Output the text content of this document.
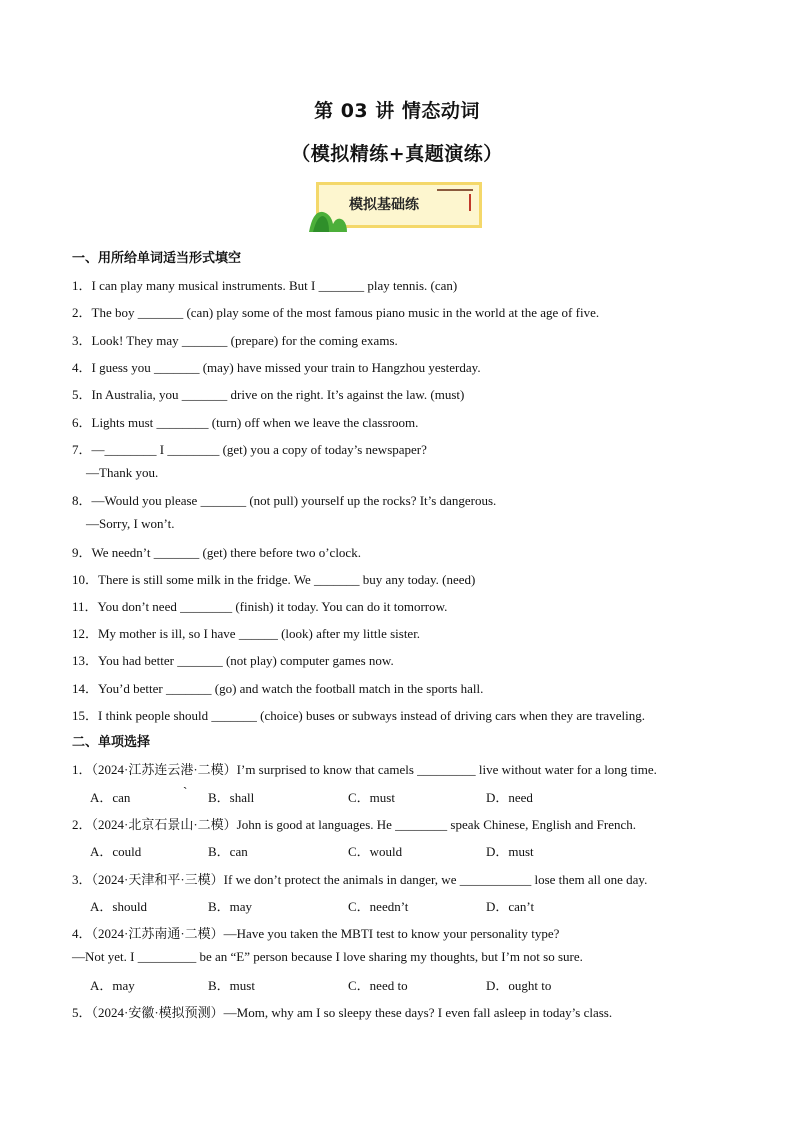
第 03 讲 情态动词
（模拟精练+真题演练）
模拟基础练
一、用所给单词适当形式填空
1．I can play many musical instruments. But I _______ play tennis. (can)
2．The boy _______ (can) play some of the most famous piano music in the world at the age of five.
3．Look! They may _______ (prepare) for the coming exams.
4．I guess you _______ (may) have missed your train to Hangzhou yesterday.
5．In Australia, you _______ drive on the right. It’s against the law. (must)
6．Lights must ________ (turn) off when we leave the classroom.
7．—________ I ________ (get) you a copy of today’s newspaper?
—Thank you.
8．—Would you please _______ (not pull) yourself up the rocks? It’s dangerous.
—Sorry, I won’t.
9．We needn’t _______ (get) there before two o’clock.
10．There is still some milk in the fridge. We _______ buy any today. (need)
11．You don’t need ________ (finish) it today. You can do it tomorrow.
12．My mother is ill, so I have ______ (look) after my little sister.
13．You had better _______ (not play) computer games now.
14．You’d better _______ (go) and watch the football match in the sports hall.
15．I think people should _______ (choice) buses or subways instead of driving cars when they are traveling.
二、单项选择
1．（2024·江苏连云港·二模）I’m surprised to know that camels _________ live without water for a long time.
A．can	` B．shall	C．must	D．need
2．（2024·北京石景山·二模）John is good at languages. He ________ speak Chinese, English and French.
A．could	B．can	C．would	D．must
3．（2024·天津和平·三模）If we don’t protect the animals in danger, we ___________ lose them all one day.
A．should	B．may	C．needn’t	D．can’t
4．（2024·江苏南通·二模）—Have you taken the MBTI test to know your personality type?
—Not yet. I _________ be an “E” person because I love sharing my thoughts, but I’m not so sure.
A．may	B．must	C．need to	D．ought to
5．（2024·安徽·模拟预测）—Mom, why am I so sleepy these days? I even fall asleep in today’s class.
